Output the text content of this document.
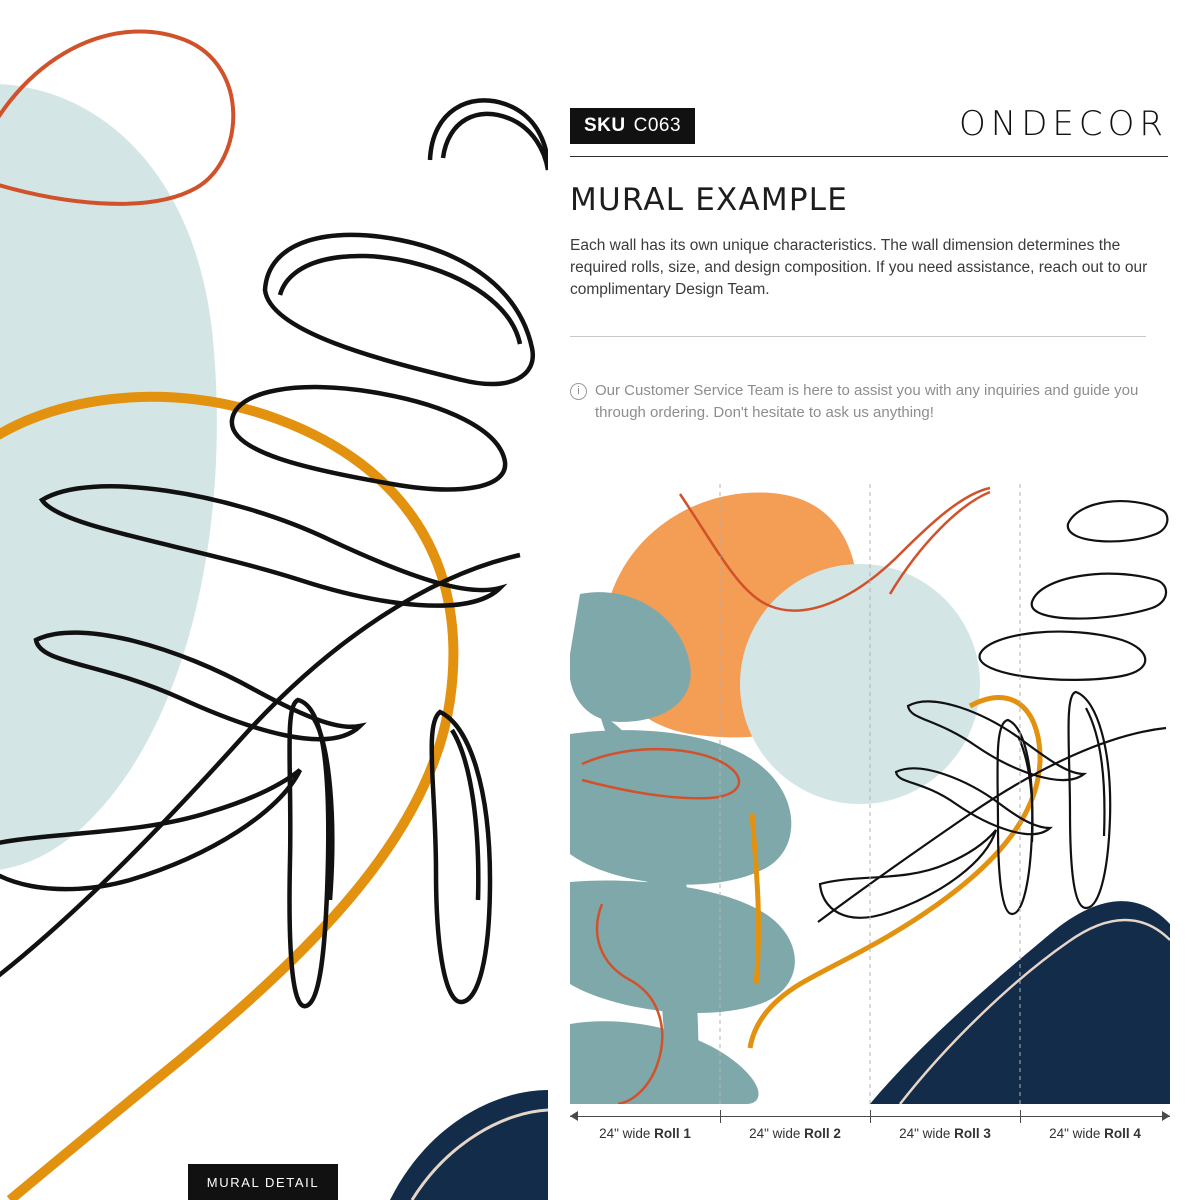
MURAL DETAIL
SKU C063	ONDECOR
MURAL EXAMPLE
Each wall has its own unique characteristics. The wall dimension determines the required rolls, size, and design composition. If you need assistance, reach out to our complimentary Design Team.
i	Our Customer Service Team is here to assist you with any inquiries and guide you through ordering. Don't hesitate to ask us anything!
24" wide Roll 1	24" wide Roll 2	24" wide Roll 3	24" wide Roll 4
